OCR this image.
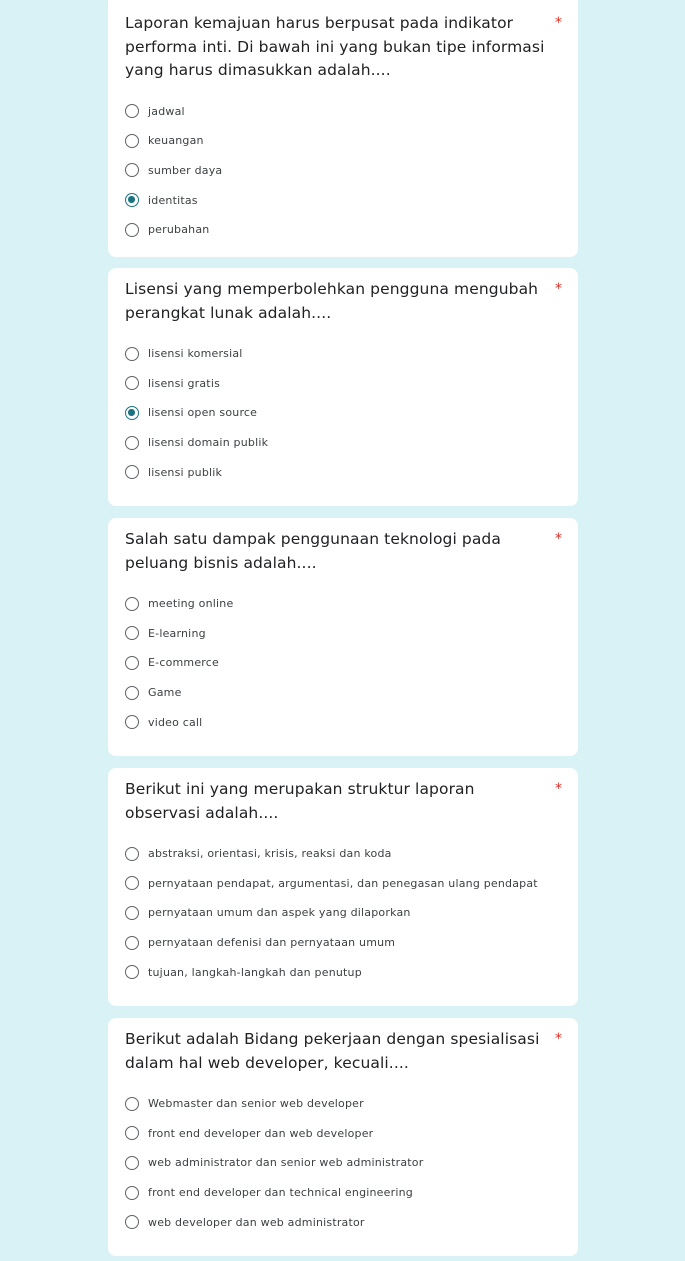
Laporan kemajuan harus berpusat pada indikator performa inti. Di bawah ini yang bukan tipe informasi yang harus dimasukkan adalah....

*
jadwal
keuangan
sumber daya
identitas
perubahan

Lisensi yang memperbolehkan pengguna mengubah perangkat lunak adalah....

*
lisensi komersial
lisensi gratis
lisensi open source
lisensi domain publik
lisensi publik

Salah satu dampak penggunaan teknologi pada peluang bisnis adalah....

*
meeting online
E-learning
E-commerce
Game
video call

Berikut ini yang merupakan struktur laporan observasi adalah....

*
abstraksi, orientasi, krisis, reaksi dan koda
pernyataan pendapat, argumentasi, dan penegasan ulang pendapat
pernyataan umum dan aspek yang dilaporkan
pernyataan defenisi dan pernyataan umum
tujuan, langkah-langkah dan penutup

Berikut adalah Bidang pekerjaan dengan spesialisasi dalam hal web developer, kecuali....

*
Webmaster dan senior web developer
front end developer dan web developer
web administrator dan senior web administrator
front end developer dan technical engineering
web developer dan web administrator
